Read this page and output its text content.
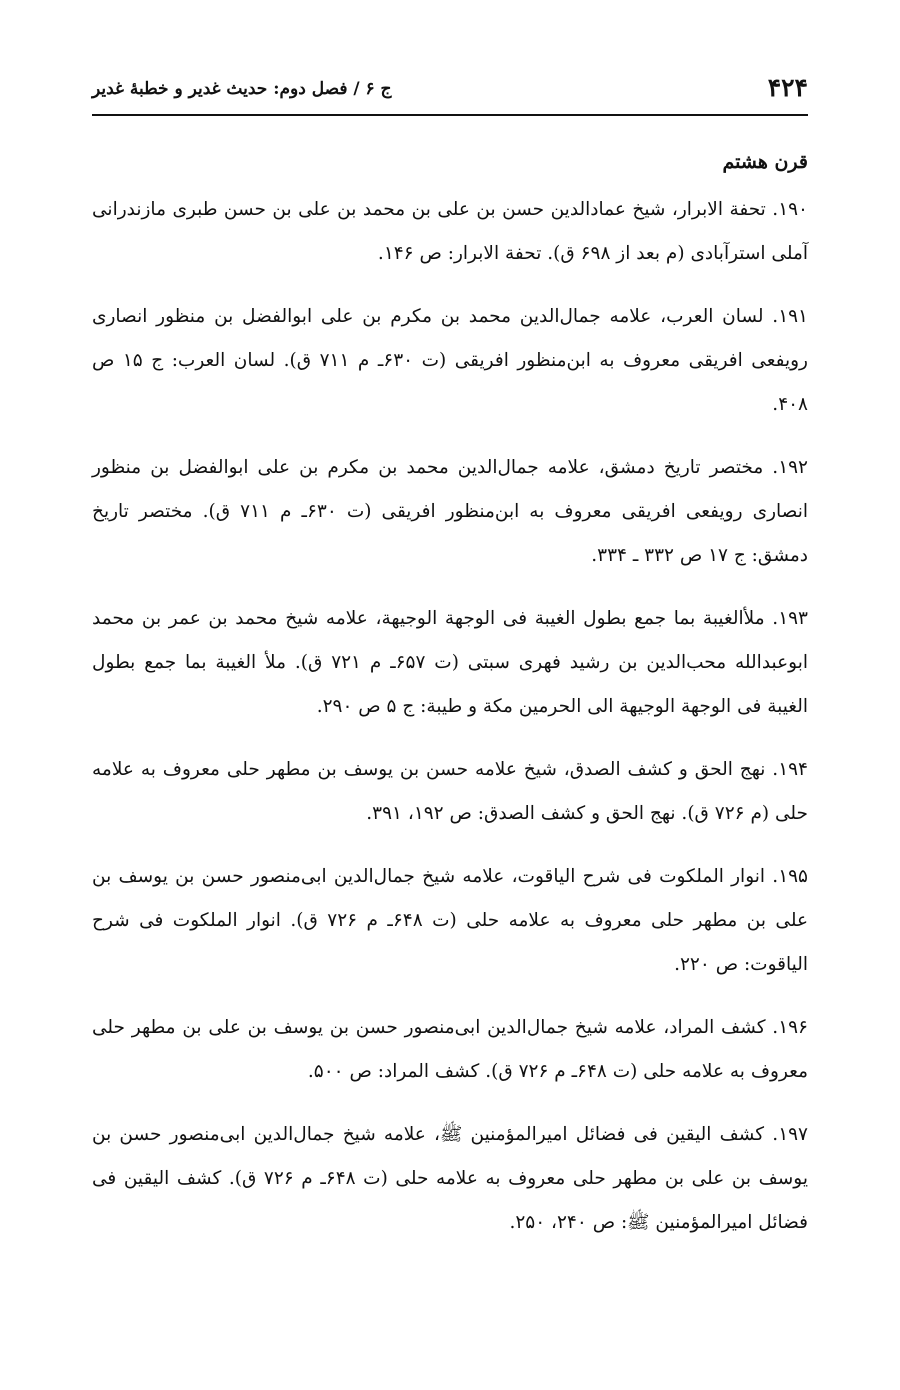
۴۲۴
ج ۶ / فصل دوم: حدیث غدیر و خطبهٔ غدیر
قرن هشتم

۱۹۰. تحفة الابرار، شیخ عمادالدین حسن بن علی بن محمد بن علی بن حسن طبری مازندرانی آملی استرآبادی (م بعد از ۶۹۸ ق). تحفة الابرار: ص ۱۴۶.

۱۹۱. لسان العرب، علامه جمال‌الدین محمد بن مکرم بن علی ابوالفضل بن منظور انصاری رویفعی افریقی معروف به ابن‌منظور افریقی (ت ۶۳۰ـ م ۷۱۱ ق). لسان العرب: ج ۱۵ ص ۴۰۸.

۱۹۲. مختصر تاریخ دمشق، علامه جمال‌الدین محمد بن مکرم بن علی ابوالفضل بن منظور انصاری رویفعی افریقی معروف به ابن‌منظور افریقی (ت ۶۳۰ـ م ۷۱۱ ق). مختصر تاریخ دمشق: ج ۱۷ ص ۳۳۲ ـ ۳۳۴.

۱۹۳. ملأالغیبة بما جمع بطول الغیبة فی الوجهة الوجیهة، علامه شیخ محمد بن عمر بن محمد ابوعبدالله محب‌الدین بن رشید فهری سبتی (ت ۶۵۷ـ م ۷۲۱ ق). ملأ الغیبة بما جمع بطول الغیبة فی الوجهة الوجیهة الی الحرمین مکة و طیبة: ج ۵ ص ۲۹۰.

۱۹۴. نهج الحق و کشف الصدق، شیخ علامه حسن بن یوسف بن مطهر حلی معروف به علامه حلی (م ۷۲۶ ق). نهج الحق و کشف الصدق: ص ۱۹۲، ۳۹۱.

۱۹۵. انوار الملکوت فی شرح الیاقوت، علامه شیخ جمال‌الدین ابی‌منصور حسن بن یوسف بن علی بن مطهر حلی معروف به علامه حلی (ت ۶۴۸ـ م ۷۲۶ ق). انوار الملکوت فی شرح الیاقوت: ص ۲۲۰.

۱۹۶. کشف المراد، علامه شیخ جمال‌الدین ابی‌منصور حسن بن یوسف بن علی بن مطهر حلی معروف به علامه حلی (ت ۶۴۸ـ م ۷۲۶ ق). کشف المراد: ص ۵۰۰.

۱۹۷. کشف الیقین فی فضائل امیرالمؤمنین ﷺ، علامه شیخ جمال‌الدین ابی‌منصور حسن بن یوسف بن علی بن مطهر حلی معروف به علامه حلی (ت ۶۴۸ـ م ۷۲۶ ق). کشف الیقین فی فضائل امیرالمؤمنین ﷺ: ص ۲۴۰، ۲۵۰.
